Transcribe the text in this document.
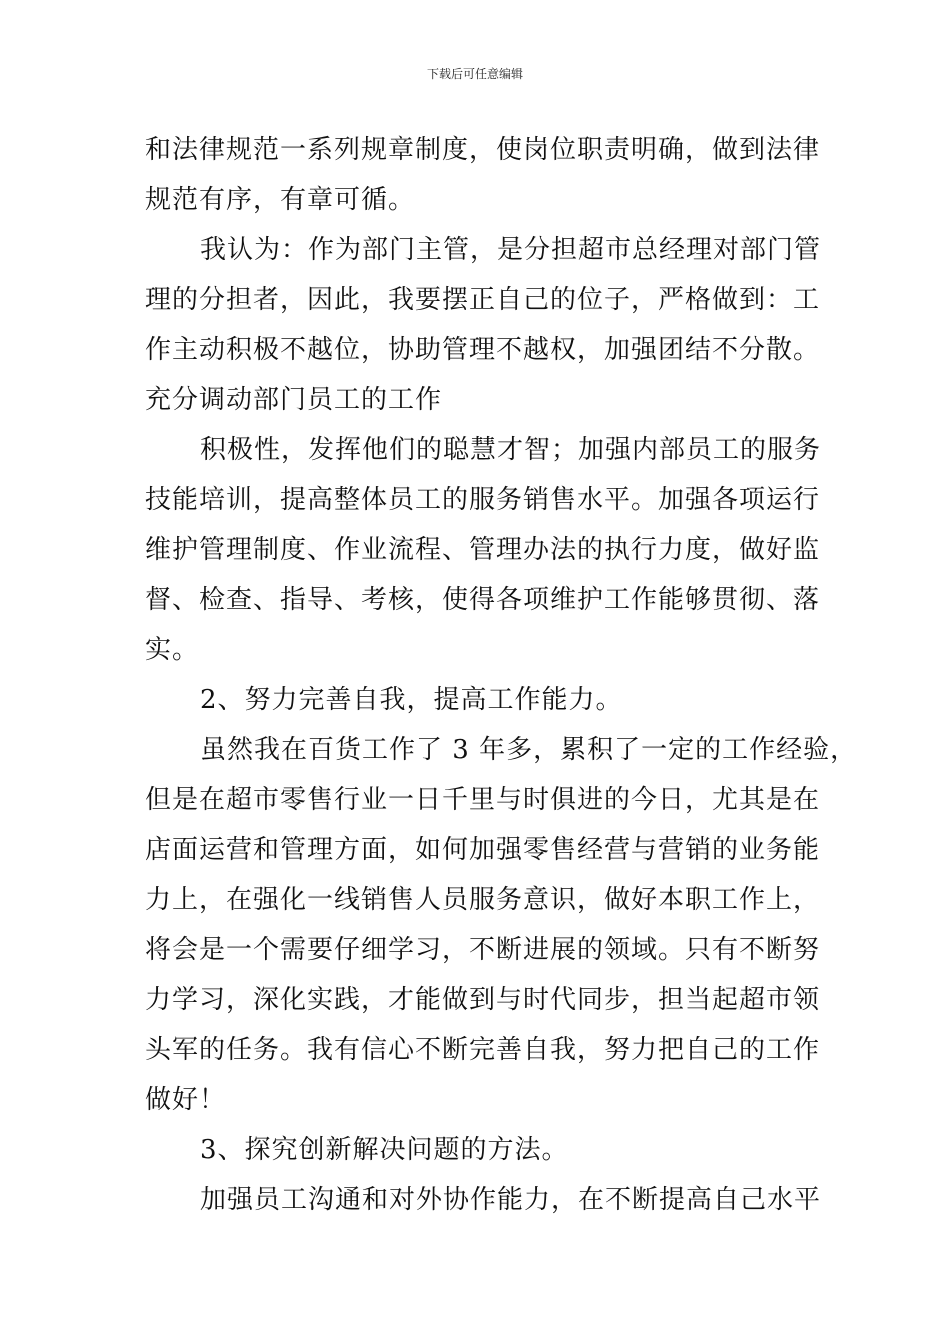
下载后可任意编辑
和法律规范一系列规章制度，使岗位职责明确，做到法律
规范有序，有章可循。
我认为：作为部门主管，是分担超市总经理对部门管
理的分担者，因此，我要摆正自己的位子，严格做到：工
作主动积极不越位，协助管理不越权，加强团结不分散。
充分调动部门员工的工作
积极性，发挥他们的聪慧才智；加强内部员工的服务
技能培训，提高整体员工的服务销售水平。加强各项运行
维护管理制度、作业流程、管理办法的执行力度，做好监
督、检查、指导、考核，使得各项维护工作能够贯彻、落
实。
2、努力完善自我，提高工作能力。
虽然我在百货工作了 3 年多，累积了一定的工作经验，
但是在超市零售行业一日千里与时俱进的今日，尤其是在
店面运营和管理方面，如何加强零售经营与营销的业务能
力上，在强化一线销售人员服务意识，做好本职工作上，
将会是一个需要仔细学习，不断进展的领域。只有不断努
力学习，深化实践，才能做到与时代同步，担当起超市领
头军的任务。我有信心不断完善自我，努力把自己的工作
做好！
3、探究创新解决问题的方法。
加强员工沟通和对外协作能力，在不断提高自己水平
